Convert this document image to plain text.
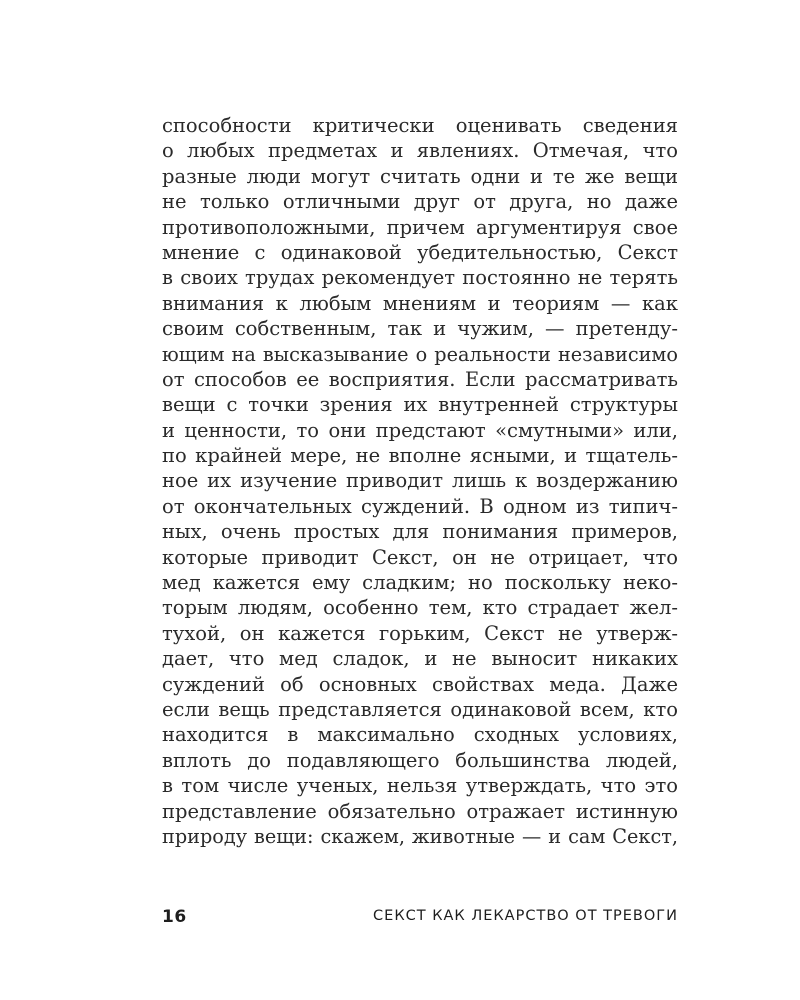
способности критически оценивать сведения
о любых предметах и явлениях. Отмечая, что
разные люди могут считать одни и те же вещи
не только отличными друг от друга, но даже
противоположными, причем аргументируя свое
мнение с одинаковой убедительностью, Секст
в своих трудах рекомендует постоянно не терять
внимания к любым мнениям и теориям — как
своим собственным, так и чужим, — претенду-
ющим на высказывание о реальности независимо
от способов ее восприятия. Если рассматривать
вещи с точки зрения их внутренней структуры
и ценности, то они предстают «смутными» или,
по крайней мере, не вполне ясными, и тщатель-
ное их изучение приводит лишь к воздержанию
от окончательных суждений. В одном из типич-
ных, очень простых для понимания примеров,
которые приводит Секст, он не отрицает, что
мед кажется ему сладким; но поскольку неко-
торым людям, особенно тем, кто страдает жел-
тухой, он кажется горьким, Секст не утверж-
дает, что мед сладок, и не выносит никаких
суждений об основных свойствах меда. Даже
если вещь представляется одинаковой всем, кто
находится в максимально сходных условиях,
вплоть до подавляющего большинства людей,
в том числе ученых, нельзя утверждать, что это
представление обязательно отражает истинную
природу вещи: скажем, животные — и сам Секст,
16	СЕКСТ КАК ЛЕКАРСТВО ОТ ТРЕВОГИ
